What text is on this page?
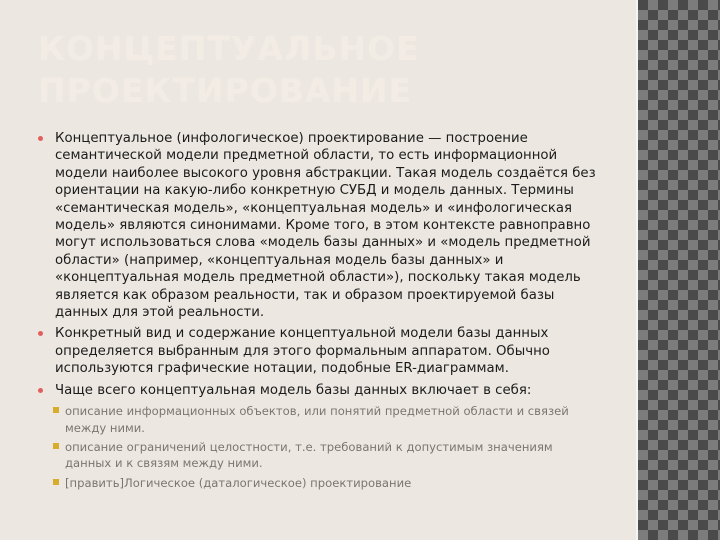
КОНЦЕПТУАЛЬНОЕ
ПРОЕКТИРОВАНИЕ
Концептуальное (инфологическое) проектирование — построение семантической модели предметной области, то есть информационной модели наиболее высокого уровня абстракции. Такая модель создаётся без ориентации на какую-либо конкретную СУБД и модель данных. Термины «семантическая модель», «концептуальная модель» и «инфологическая модель» являются синонимами. Кроме того, в этом контексте равноправно могут использоваться слова «модель базы данных» и «модель предметной области» (например, «концептуальная модель базы данных» и «концептуальная модель предметной области»), поскольку такая модель является как образом реальности, так и образом проектируемой базы данных для этой реальности.
Конкретный вид и содержание концептуальной модели базы данных определяется выбранным для этого формальным аппаратом. Обычно используются графические нотации, подобные ER-диаграммам.
Чаще всего концептуальная модель базы данных включает в себя:
описание информационных объектов, или понятий предметной области и связей между ними.
описание ограничений целостности, т.е. требований к допустимым значениям данных и к связям между ними.
[править]Логическое (даталогическое) проектирование
